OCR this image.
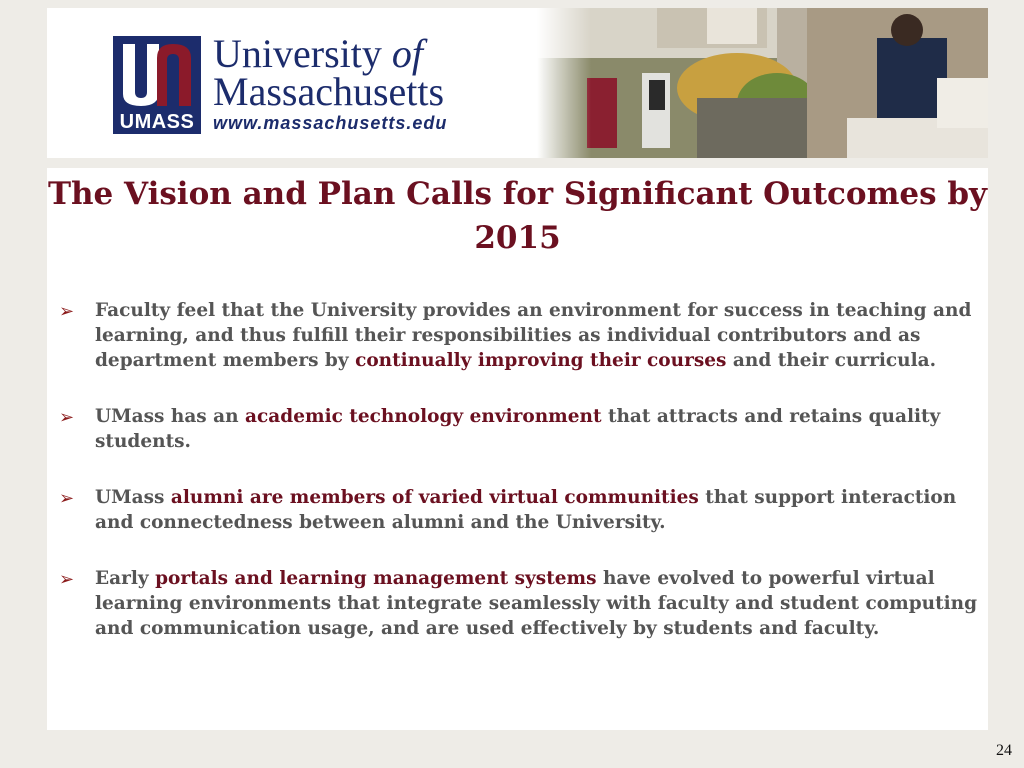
UMASS
University of
Massachusetts
www.massachusetts.edu
The Vision and Plan Calls for Significant Outcomes by 2015
➢ Faculty feel that the University provides an environment for success in teaching and learning, and thus fulfill their responsibilities as individual contributors and as department members by continually improving their courses and their curricula.
➢ UMass has an academic technology environment that attracts and retains quality students.
➢ UMass alumni are members of varied virtual communities that support interaction and connectedness between alumni and the University.
➢ Early portals and learning management systems have evolved to powerful virtual learning environments that integrate seamlessly with faculty and student computing and communication usage, and are used effectively by students and faculty.
24
